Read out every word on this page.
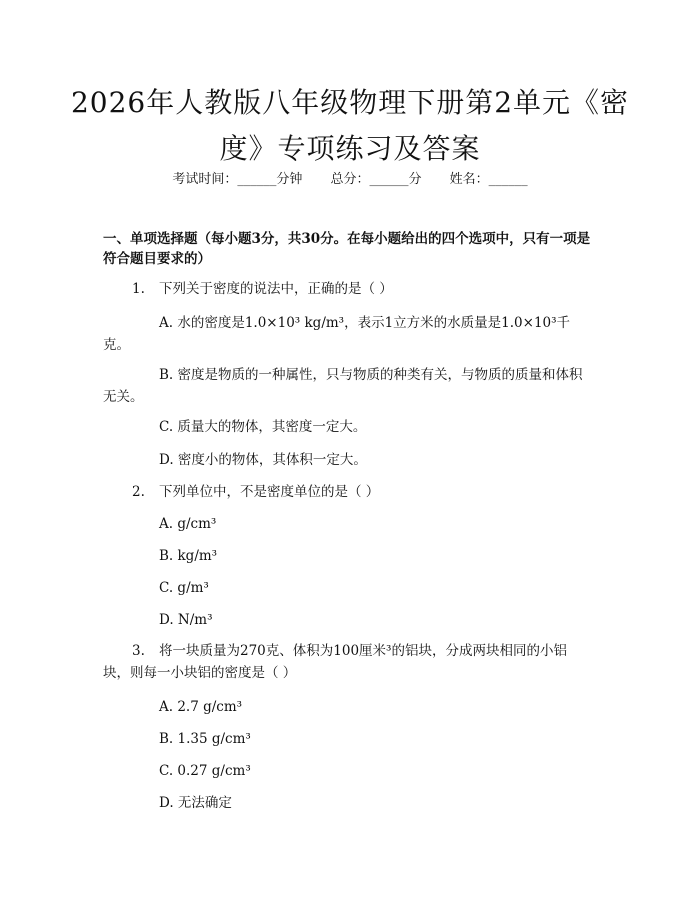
2026年人教版八年级物理下册第2单元《密
度》专项练习及答案
考试时间：______分钟 总分：______分 姓名：______
一、单项选择题（每小题3分，共30分。在每小题给出的四个选项中，只有一项是符合题目要求的）
1. 下列关于密度的说法中，正确的是（ ）
A. 水的密度是1.0×10³ kg/m³，表示1立方米的水质量是1.0×10³千
克。
B. 密度是物质的一种属性，只与物质的种类有关，与物质的质量和体积
无关。
C. 质量大的物体，其密度一定大。
D. 密度小的物体，其体积一定大。
2. 下列单位中，不是密度单位的是（ ）
A. g/cm³
B. kg/m³
C. g/m³
D. N/m³
3. 将一块质量为270克、体积为100厘米³的铝块，分成两块相同的小铝
块，则每一小块铝的密度是（ ）
A. 2.7 g/cm³
B. 1.35 g/cm³
C. 0.27 g/cm³
D. 无法确定
